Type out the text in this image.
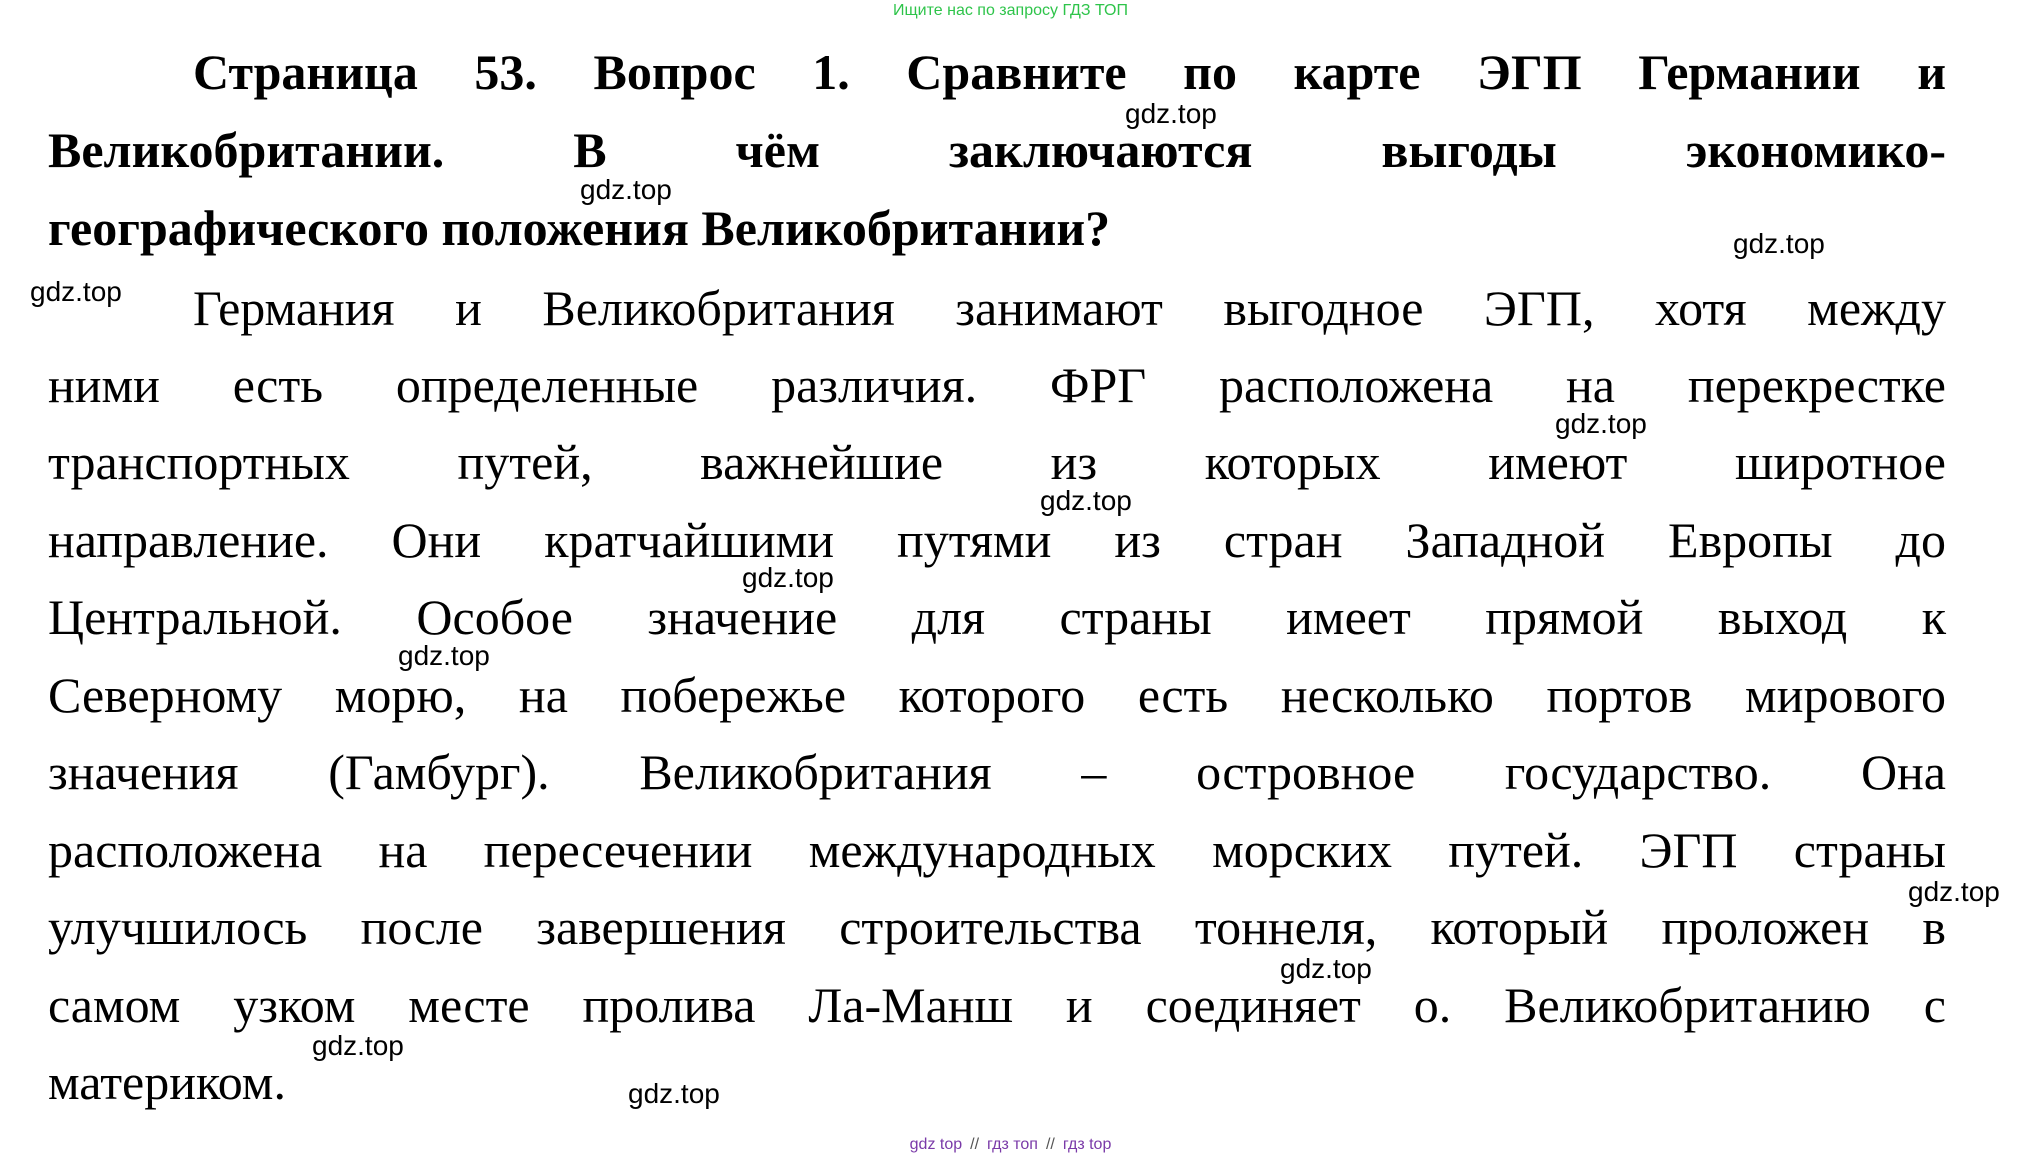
Ищите нас по запросу ГДЗ ТОП
Страница 53. Вопрос 1. Сравните по карте ЭГП Германии и
Великобритании. В чём заключаются выгоды экономико-
географического положения Великобритании?
Германия и Великобритания занимают выгодное ЭГП, хотя между
ними есть определенные различия. ФРГ расположена на перекрестке
транспортных путей, важнейшие из которых имеют широтное
направление. Они кратчайшими путями из стран Западной Европы до
Центральной. Особое значение для страны имеет прямой выход к
Северному морю, на побережье которого есть несколько портов мирового
значения (Гамбург). Великобритания – островное государство. Она
расположена на пересечении международных морских путей. ЭГП страны
улучшилось после завершения строительства тоннеля, который проложен в
самом узком месте пролива Ла-Манш и соединяет о. Великобританию с
материком.
gdz.top
gdz.top
gdz.top
gdz.top
gdz.top
gdz.top
gdz.top
gdz.top
gdz.top
gdz.top
gdz.top
gdz.top
gdz top // гдз топ // гдз top
